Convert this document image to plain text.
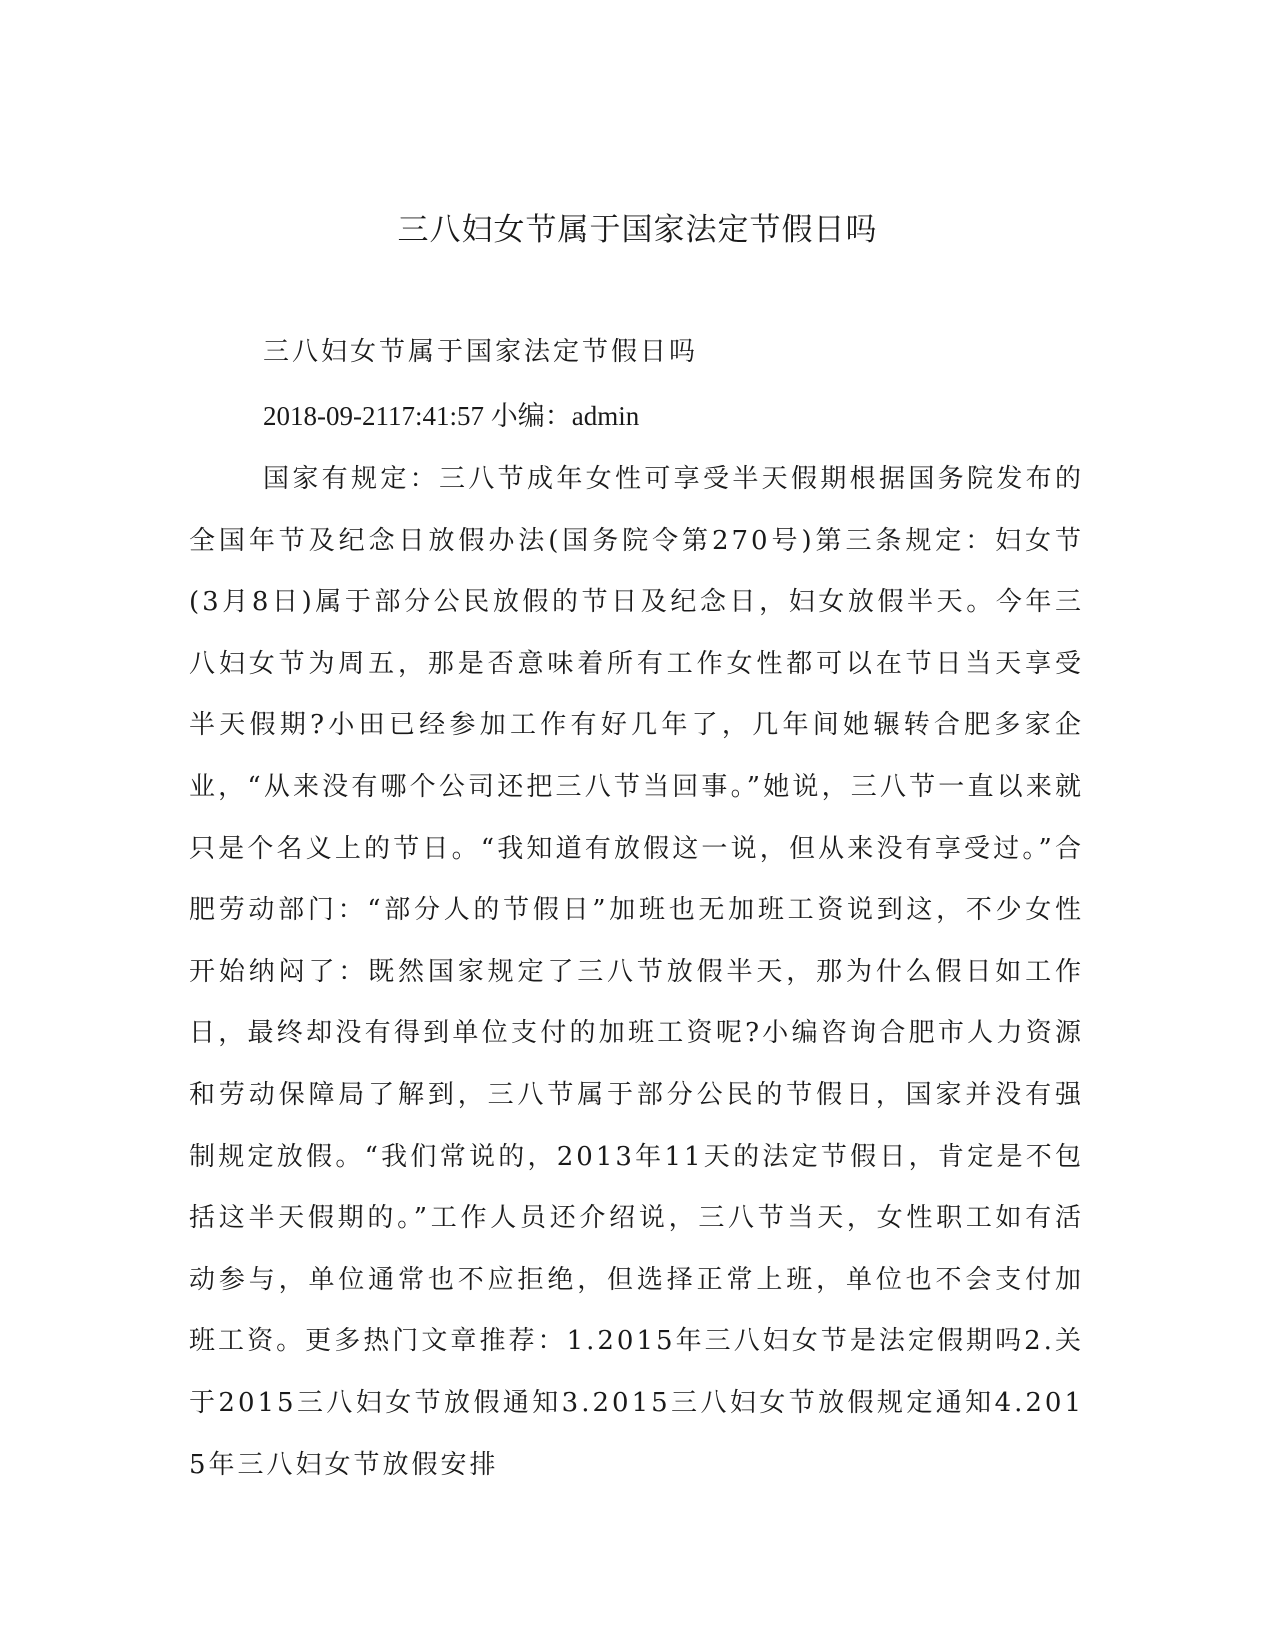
三八妇女节属于国家法定节假日吗

三八妇女节属于国家法定节假日吗

2018-09-2117:41:57 小编：admin

国家有规定：三八节成年女性可享受半天假期根据国务院发布的全国年节及纪念日放假办法(国务院令第270号)第三条规定：妇女节(3月8日)属于部分公民放假的节日及纪念日，妇女放假半天。今年三八妇女节为周五，那是否意味着所有工作女性都可以在节日当天享受半天假期?小田已经参加工作有好几年了，几年间她辗转合肥多家企业，“从来没有哪个公司还把三八节当回事。”她说，三八节一直以来就只是个名义上的节日。“我知道有放假这一说，但从来没有享受过。”合肥劳动部门：“部分人的节假日”加班也无加班工资说到这，不少女性开始纳闷了：既然国家规定了三八节放假半天，那为什么假日如工作日，最终却没有得到单位支付的加班工资呢?小编咨询合肥市人力资源和劳动保障局了解到，三八节属于部分公民的节假日，国家并没有强制规定放假。“我们常说的，2013年11天的法定节假日，肯定是不包括这半天假期的。”工作人员还介绍说，三八节当天，女性职工如有活动参与，单位通常也不应拒绝，但选择正常上班，单位也不会支付加班工资。更多热门文章推荐：1.2015年三八妇女节是法定假期吗2.关于2015三八妇女节放假通知3.2015三八妇女节放假规定通知4.2015年三八妇女节放假安排
